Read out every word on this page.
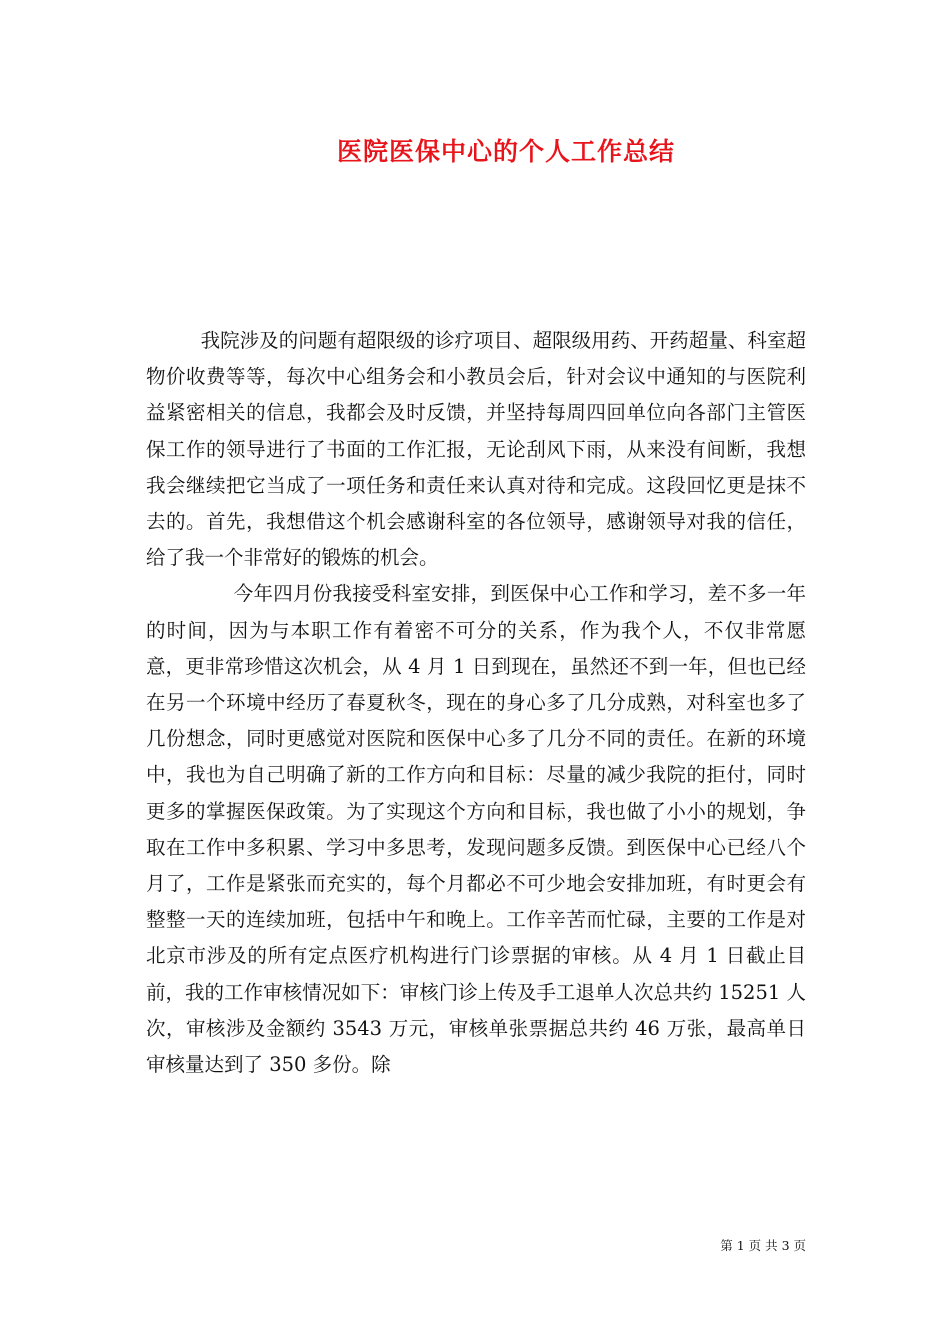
医院医保中心的个人工作总结

我院涉及的问题有超限级的诊疗项目、超限级用药、开药超量、科室超物价收费等等，每次中心组务会和小教员会后，针对会议中通知的与医院利益紧密相关的信息，我都会及时反馈，并坚持每周四回单位向各部门主管医保工作的领导进行了书面的工作汇报，无论刮风下雨，从来没有间断，我想我会继续把它当成了一项任务和责任来认真对待和完成。这段回忆更是抹不去的。首先，我想借这个机会感谢科室的各位领导，感谢领导对我的信任，给了我一个非常好的锻炼的机会。

今年四月份我接受科室安排，到医保中心工作和学习，差不多一年的时间，因为与本职工作有着密不可分的关系，作为我个人，不仅非常愿意，更非常珍惜这次机会，从 4 月 1 日到现在，虽然还不到一年，但也已经在另一个环境中经历了春夏秋冬，现在的身心多了几分成熟，对科室也多了几份想念，同时更感觉对医院和医保中心多了几分不同的责任。在新的环境中，我也为自己明确了新的工作方向和目标：尽量的减少我院的拒付，同时更多的掌握医保政策。为了实现这个方向和目标，我也做了小小的规划，争取在工作中多积累、学习中多思考，发现问题多反馈。到医保中心已经八个月了，工作是紧张而充实的，每个月都必不可少地会安排加班，有时更会有整整一天的连续加班，包括中午和晚上。工作辛苦而忙碌，主要的工作是对北京市涉及的所有定点医疗机构进行门诊票据的审核。从 4 月 1 日截止目前，我的工作审核情况如下：审核门诊上传及手工退单人次总共约 15251 人次，审核涉及金额约 3543 万元，审核单张票据总共约 46 万张，最高单日审核量达到了 350 多份。除

第 1 页 共 3 页
